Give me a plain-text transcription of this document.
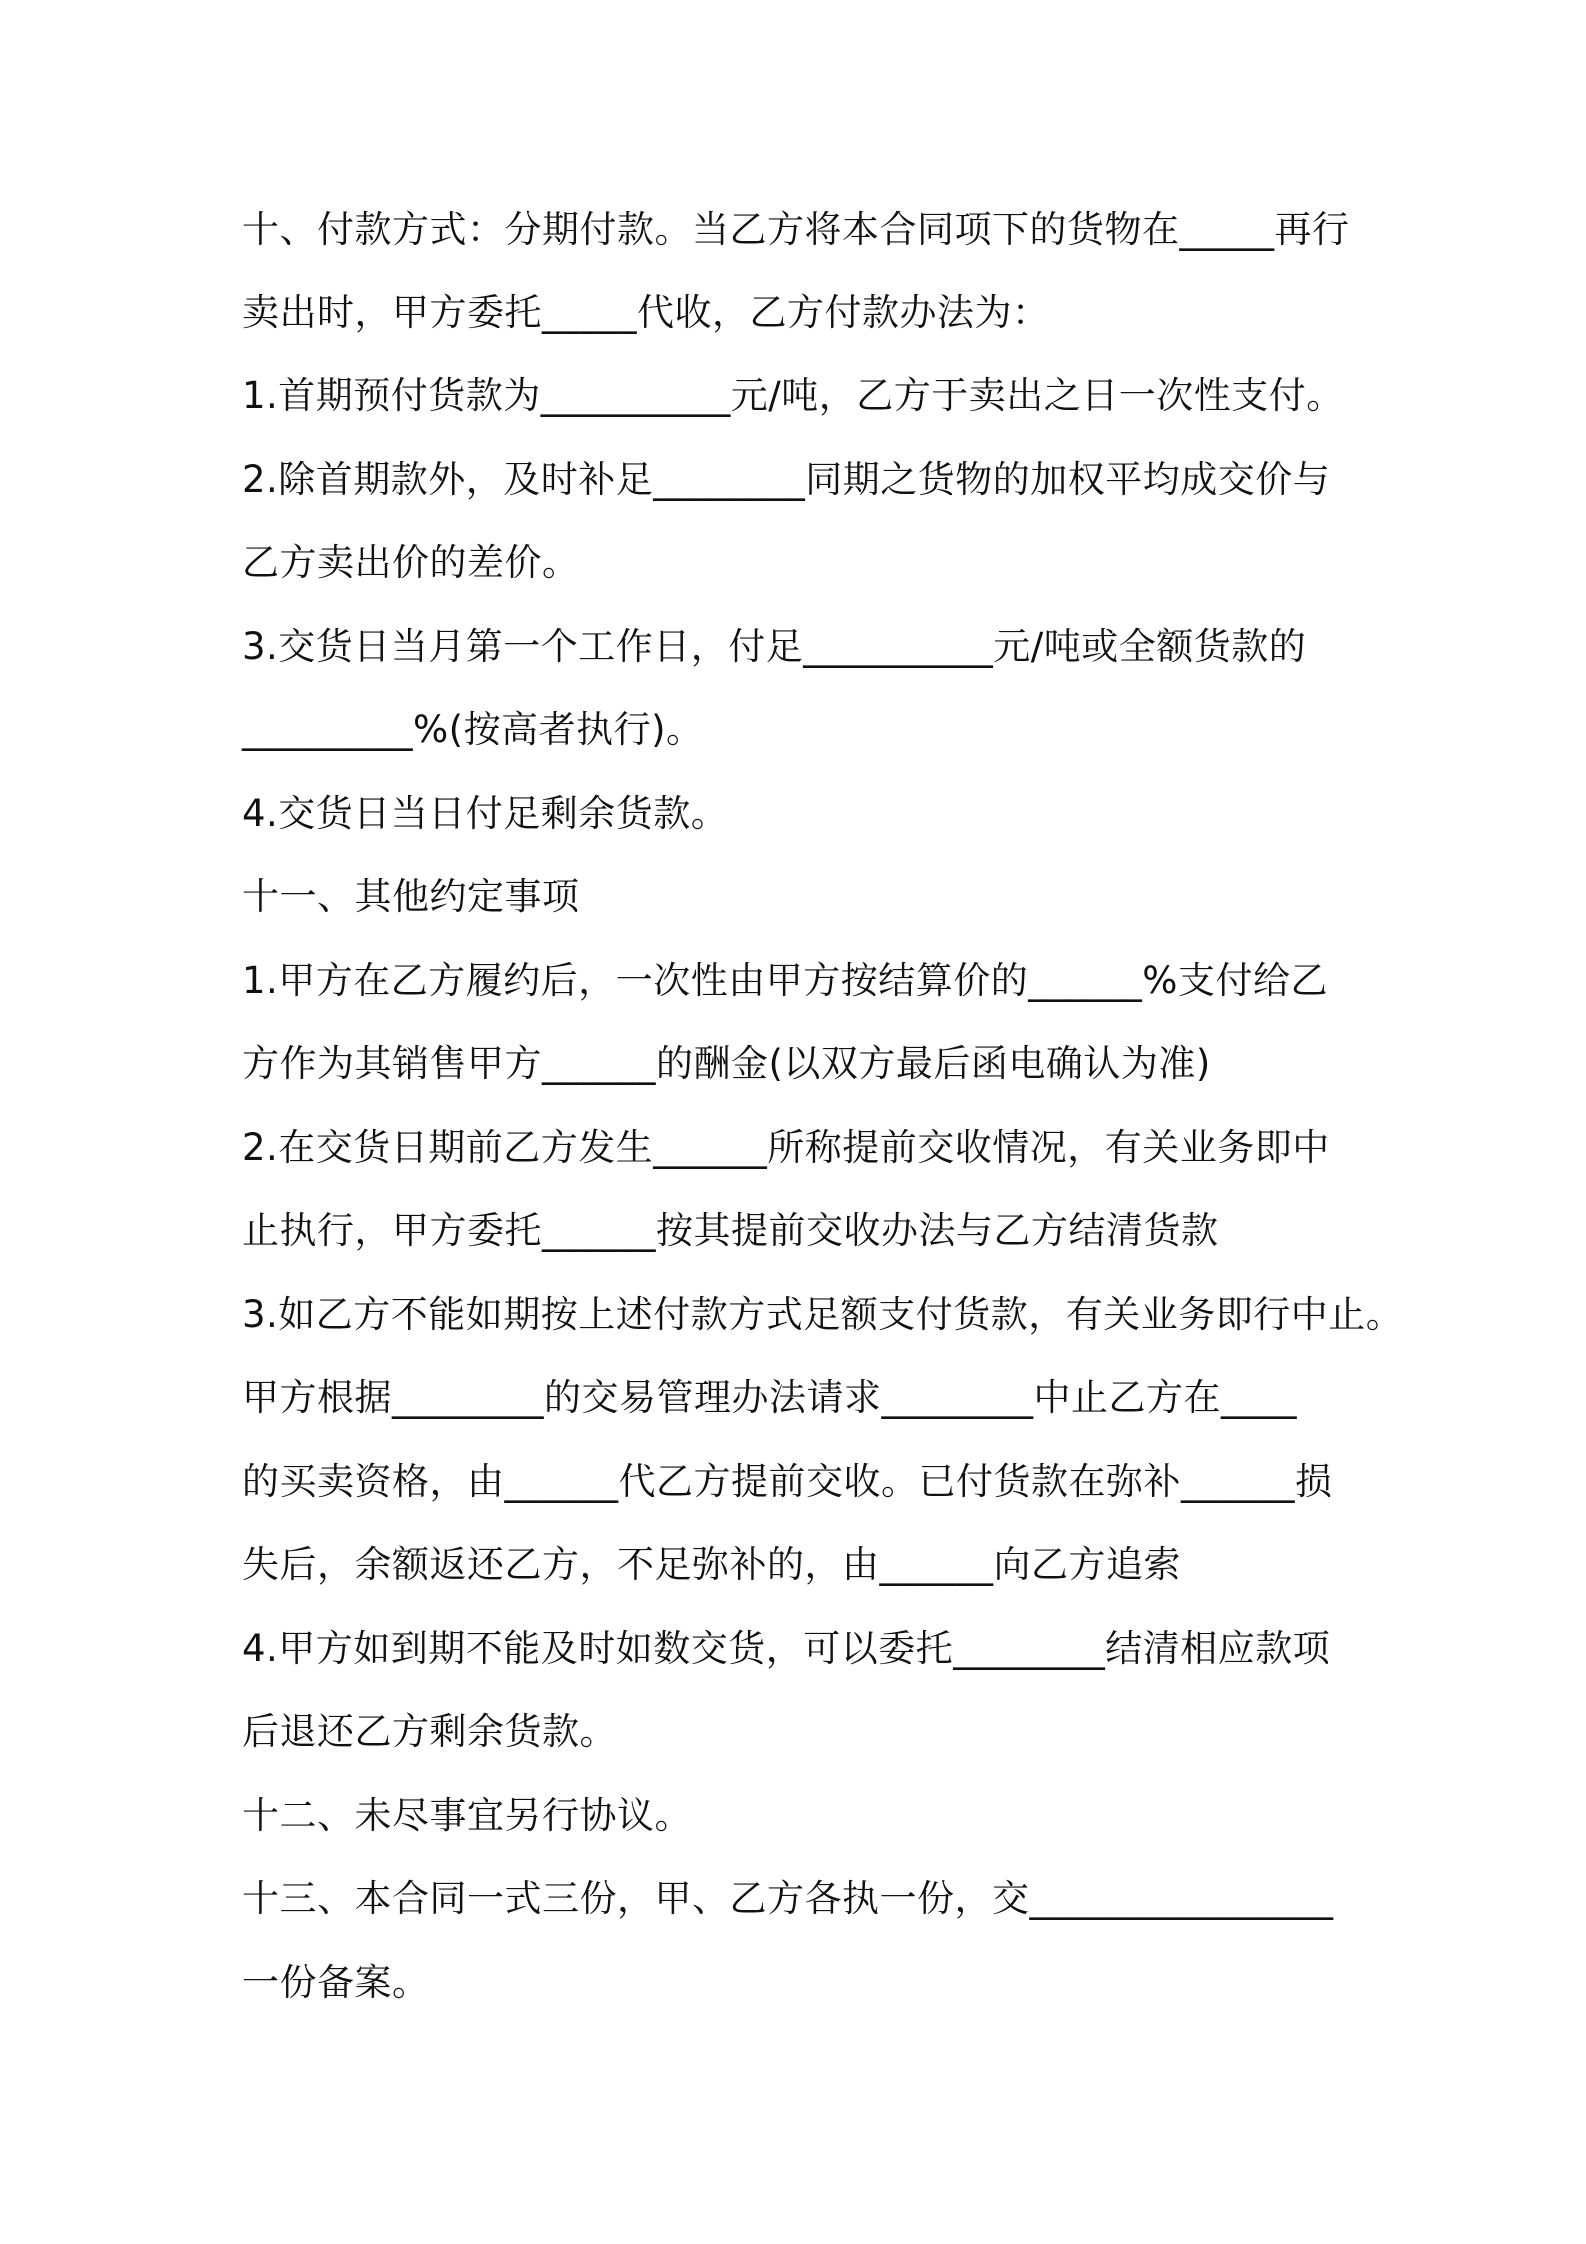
十、付款方式：分期付款。当乙方将本合同项下的货物在_____再行

卖出时，甲方委托_____代收，乙方付款办法为：

1.首期预付货款为__________元/吨，乙方于卖出之日一次性支付。

2.除首期款外，及时补足________同期之货物的加权平均成交价与

乙方卖出价的差价。

3.交货日当月第一个工作日，付足__________元/吨或全额货款的

_________%(按高者执行)。

4.交货日当日付足剩余货款。

十一、其他约定事项

1.甲方在乙方履约后，一次性由甲方按结算价的______%支付给乙

方作为其销售甲方______的酬金(以双方最后函电确认为准)

2.在交货日期前乙方发生______所称提前交收情况，有关业务即中

止执行，甲方委托______按其提前交收办法与乙方结清货款

3.如乙方不能如期按上述付款方式足额支付货款，有关业务即行中止。

甲方根据________的交易管理办法请求________中止乙方在____

的买卖资格，由______代乙方提前交收。已付货款在弥补______损

失后，余额返还乙方，不足弥补的，由______向乙方追索

4.甲方如到期不能及时如数交货，可以委托________结清相应款项

后退还乙方剩余货款。

十二、未尽事宜另行协议。

十三、本合同一式三份，甲、乙方各执一份，交________________

一份备案。
